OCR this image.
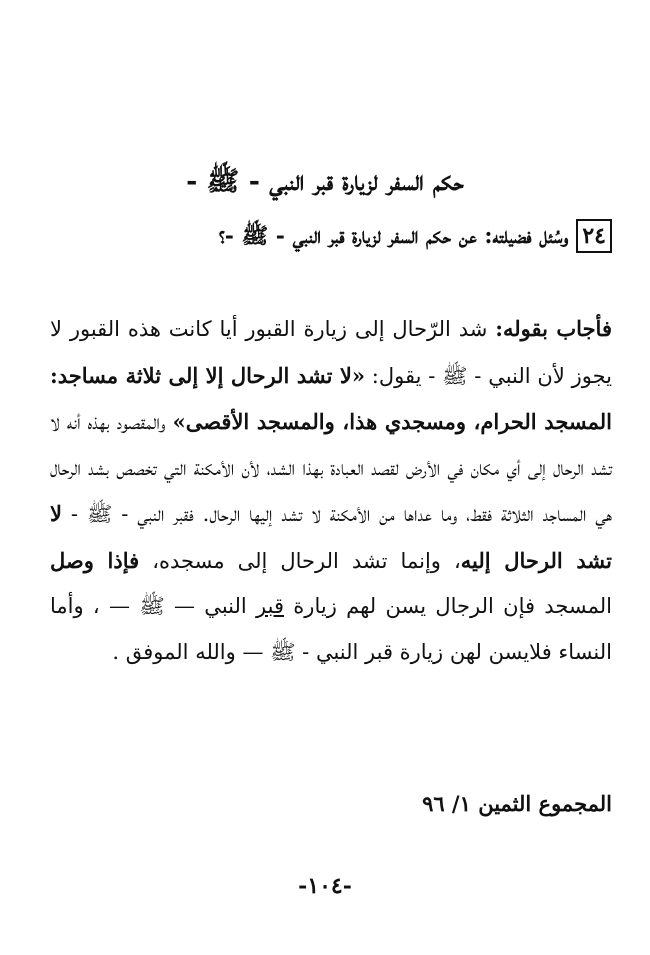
حكم السفر لزيارة قبر النبي - ﷺ -
٢٤وسُئل فضيلته: عن حكم السفر لزيارة قبر النبي - ﷺ -؟
فأجاب بقوله: شد الرّحال إلى زيارة القبور أيا كانت هذه القبور لا يجوز لأن النبي - ﷺ - يقول: «لا تشد الرحال إلا إلى ثلاثة مساجد: المسجد الحرام، ومسجدي هذا، والمسجد الأقصى» والمقصود بهذه أنه لا تشد الرحال إلى أي مكان في الأرض لقصد العبادة بهذا الشد، لأن الأمكنة التي تخصص بشد الرحال هي المساجد الثلاثة فقط، وما عداها من الأمكنة لا تشد إليها الرحال. فقبر النبي - ﷺ - لا تشد الرحال إليه، وإنما تشد الرحال إلى مسجده، فإذا وصل المسجد فإن الرجال يسن لهم زيارة قبر النبي — ﷺ — ، وأما النساء فلايسن لهن زيارة قبر النبي - ﷺ — والله الموفق .
المجموع الثمين ١/ ٩٦
-١٠٤-
